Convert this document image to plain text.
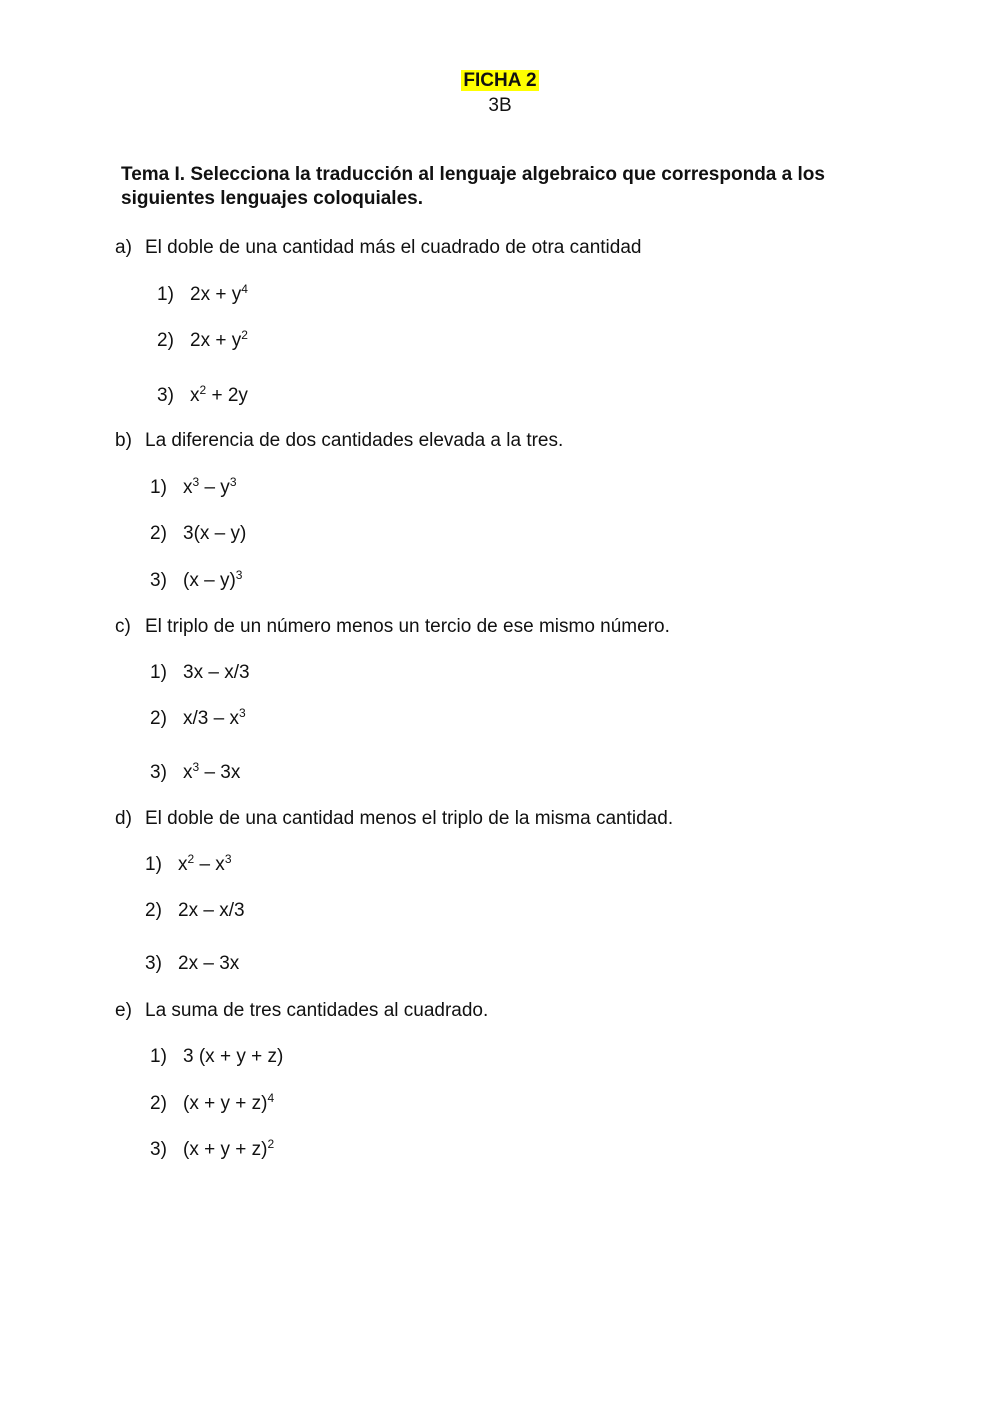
FICHA 2
3B
Tema I. Selecciona la traducción al lenguaje algebraico que corresponda a los siguientes lenguajes coloquiales.
a) El doble de una cantidad más el cuadrado de otra cantidad
1) $2x + y^4$
2) $2x + y^2$
3) $x^2 + 2y$
b) La diferencia de dos cantidades elevada a la tres.
1) $x^3 - y^3$
2) 3(x – y)
3) (x – y)$^3$
c) El triplo de un número menos un tercio de ese mismo número.
1) 3x – x/3
2) $x/3 - x^3$
3) $x^3 - 3x$
d) El doble de una cantidad menos el triplo de la misma cantidad.
1) $x^2 - x^3$
2) 2x – x/3
3) 2x – 3x
e) La suma de tres cantidades al cuadrado.
1) 3 (x + y + z)
2) $(x + y + z)^4$
3) $(x + y + z)^2$
